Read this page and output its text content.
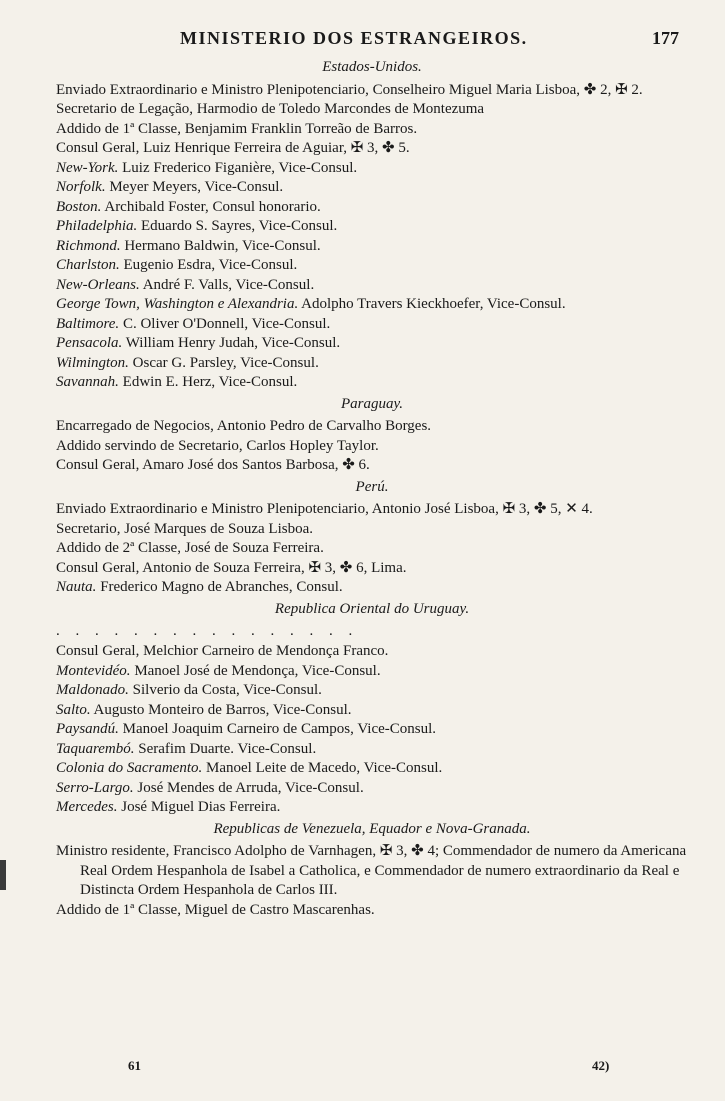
MINISTERIO DOS ESTRANGEIROS.	177
Estados-Unidos.

Enviado Extraordinario e Ministro Plenipotenciario, Conselheiro Miguel Maria Lisboa, ✤ 2, ✠ 2.

Secretario de Legação, Harmodio de Toledo Marcondes de Montezuma

Addido de 1ª Classe, Benjamim Franklin Torreão de Barros.

Consul Geral, Luiz Henrique Ferreira de Aguiar, ✠ 3, ✤ 5.

New-York. Luiz Frederico Figanière, Vice-Consul.

Norfolk. Meyer Meyers, Vice-Consul.

Boston. Archibald Foster, Consul honorario.

Philadelphia. Eduardo S. Sayres, Vice-Consul.

Richmond. Hermano Baldwin, Vice-Consul.

Charlston. Eugenio Esdra, Vice-Consul.

New-Orleans. André F. Valls, Vice-Consul.

George Town, Washington e Alexandria. Adolpho Travers Kieckhoefer, Vice-Consul.

Baltimore. C. Oliver O'Donnell, Vice-Consul.

Pensacola. William Henry Judah, Vice-Consul.

Wilmington. Oscar G. Parsley, Vice-Consul.

Savannah. Edwin E. Herz, Vice-Consul.

Paraguay.

Encarregado de Negocios, Antonio Pedro de Carvalho Borges.

Addido servindo de Secretario, Carlos Hopley Taylor.

Consul Geral, Amaro José dos Santos Barbosa, ✤ 6.

Perú.

Enviado Extraordinario e Ministro Plenipotenciario, Antonio José Lisboa, ✠ 3, ✤ 5, ✕ 4.

Secretario, José Marques de Souza Lisboa.

Addido de 2ª Classe, José de Souza Ferreira.

Consul Geral, Antonio de Souza Ferreira, ✠ 3, ✤ 6, Lima.

Nauta. Frederico Magno de Abranches, Consul.

Republica Oriental do Uruguay.
. . . . . . . . . . . . . . . .

Consul Geral, Melchior Carneiro de Mendonça Franco.

Montevidéo. Manoel José de Mendonça, Vice-Consul.

Maldonado. Silverio da Costa, Vice-Consul.

Salto. Augusto Monteiro de Barros, Vice-Consul.

Paysandú. Manoel Joaquim Carneiro de Campos, Vice-Consul.

Taquarembó. Serafim Duarte. Vice-Consul.

Colonia do Sacramento. Manoel Leite de Macedo, Vice-Consul.

Serro-Largo. José Mendes de Arruda, Vice-Consul.

Mercedes. José Miguel Dias Ferreira.

Republicas de Venezuela, Equador e Nova-Granada.

Ministro residente, Francisco Adolpho de Varnhagen, ✠ 3, ✤ 4; Commendador de numero da Americana Real Ordem Hespanhola de Isabel a Catholica, e Commendador de numero extraordinario da Real e Distincta Ordem Hespanhola de Carlos III.

Addido de 1ª Classe, Miguel de Castro Mascarenhas.

61	42)
